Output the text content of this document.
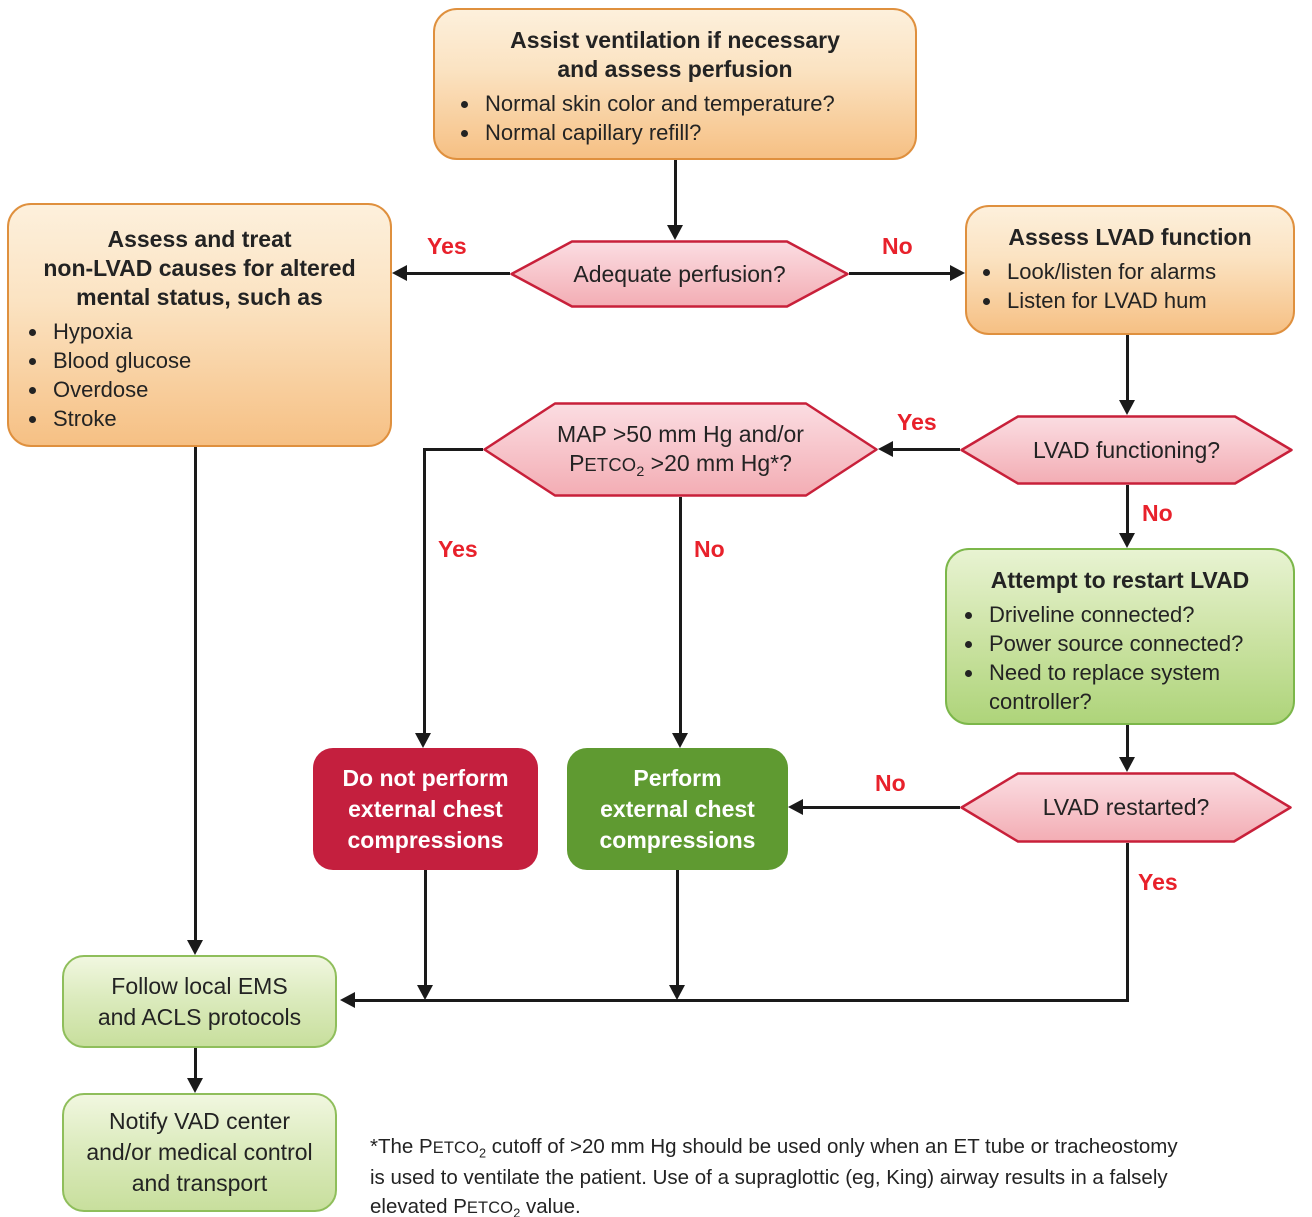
Assist ventilation if necessary
and assess perfusion
• Normal skin color and temperature?
• Normal capillary refill?
Assess and treat
non-LVAD causes for altered
mental status, such as
• Hypoxia
• Blood glucose
• Overdose
• Stroke
Assess LVAD function
• Look/listen for alarms
• Listen for LVAD hum
Adequate perfusion?
LVAD functioning?
MAP >50 mm Hg and/or
$PETCO_2 >20$ mm Hg*?
Attempt to restart LVAD
• Driveline connected?
• Power source connected?
• Need to replace system controller?
Do not perform
external chest
compressions
Perform
external chest
compressions
LVAD restarted?
Follow local EMS
and ACLS protocols
Notify VAD center
and/or medical control
and transport
Yes	No
Yes
No
Yes	No
No
Yes
*The $PETCO_2$ cutoff of >20 mm Hg should be used only when an ET tube or tracheostomy
is used to ventilate the patient. Use of a supraglottic (eg, King) airway results in a falsely
elevated $PETCO_2$ value.
